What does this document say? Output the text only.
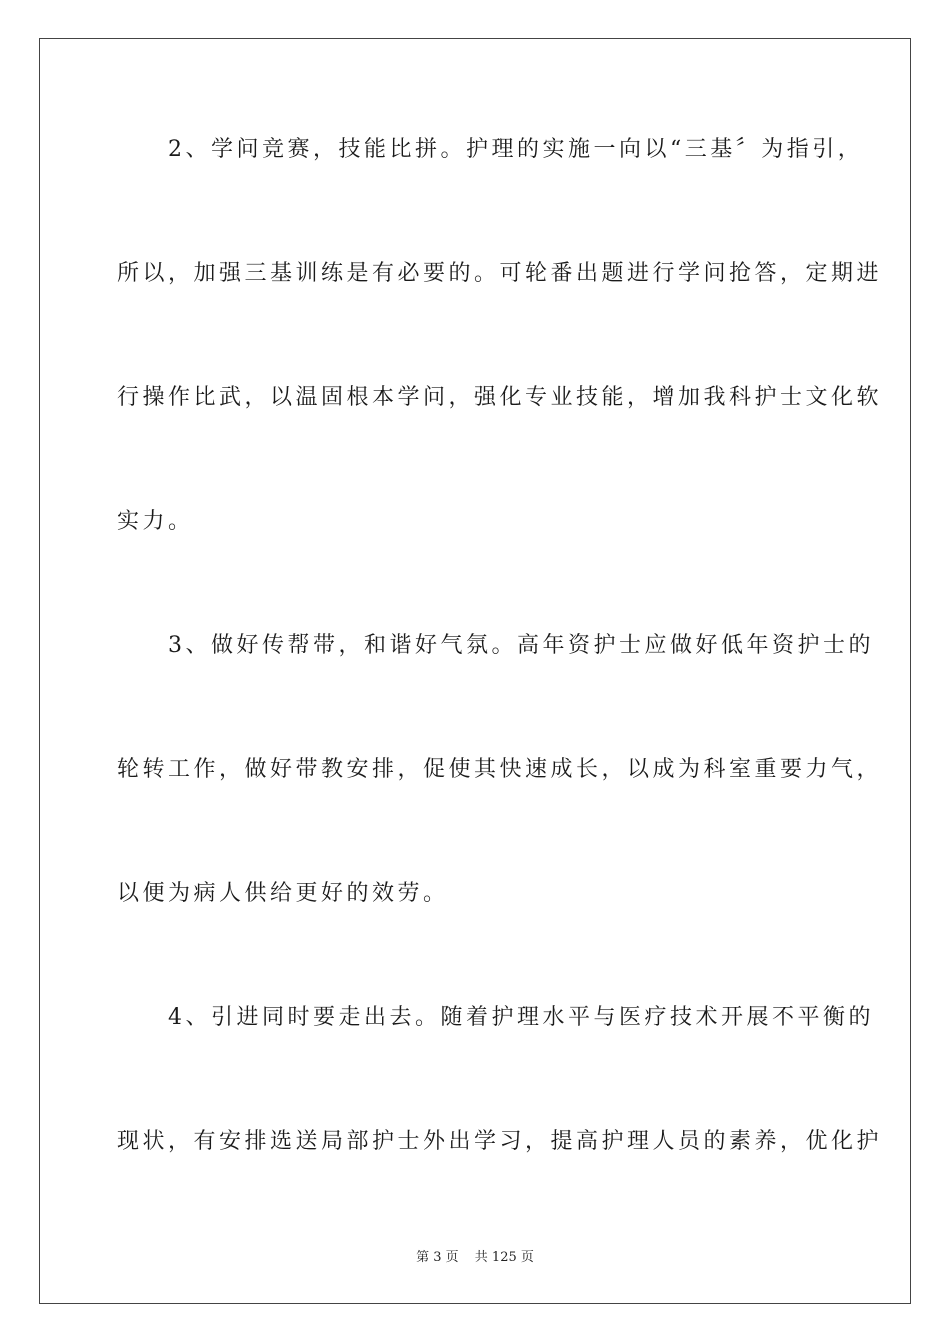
　　2、学问竞赛，技能比拼。护理的实施一向以“三基〞为指引，
所以，加强三基训练是有必要的。可轮番出题进行学问抢答，定期进
行操作比武，以温固根本学问，强化专业技能，增加我科护士文化软
实力。
　　3、做好传帮带，和谐好气氛。高年资护士应做好低年资护士的
轮转工作，做好带教安排，促使其快速成长，以成为科室重要力气，
以便为病人供给更好的效劳。
　　4、引进同时要走出去。随着护理水平与医疗技术开展不平衡的
现状，有安排选送局部护士外出学习，提高护理人员的素养，优化护
第 3 页 共 125 页
